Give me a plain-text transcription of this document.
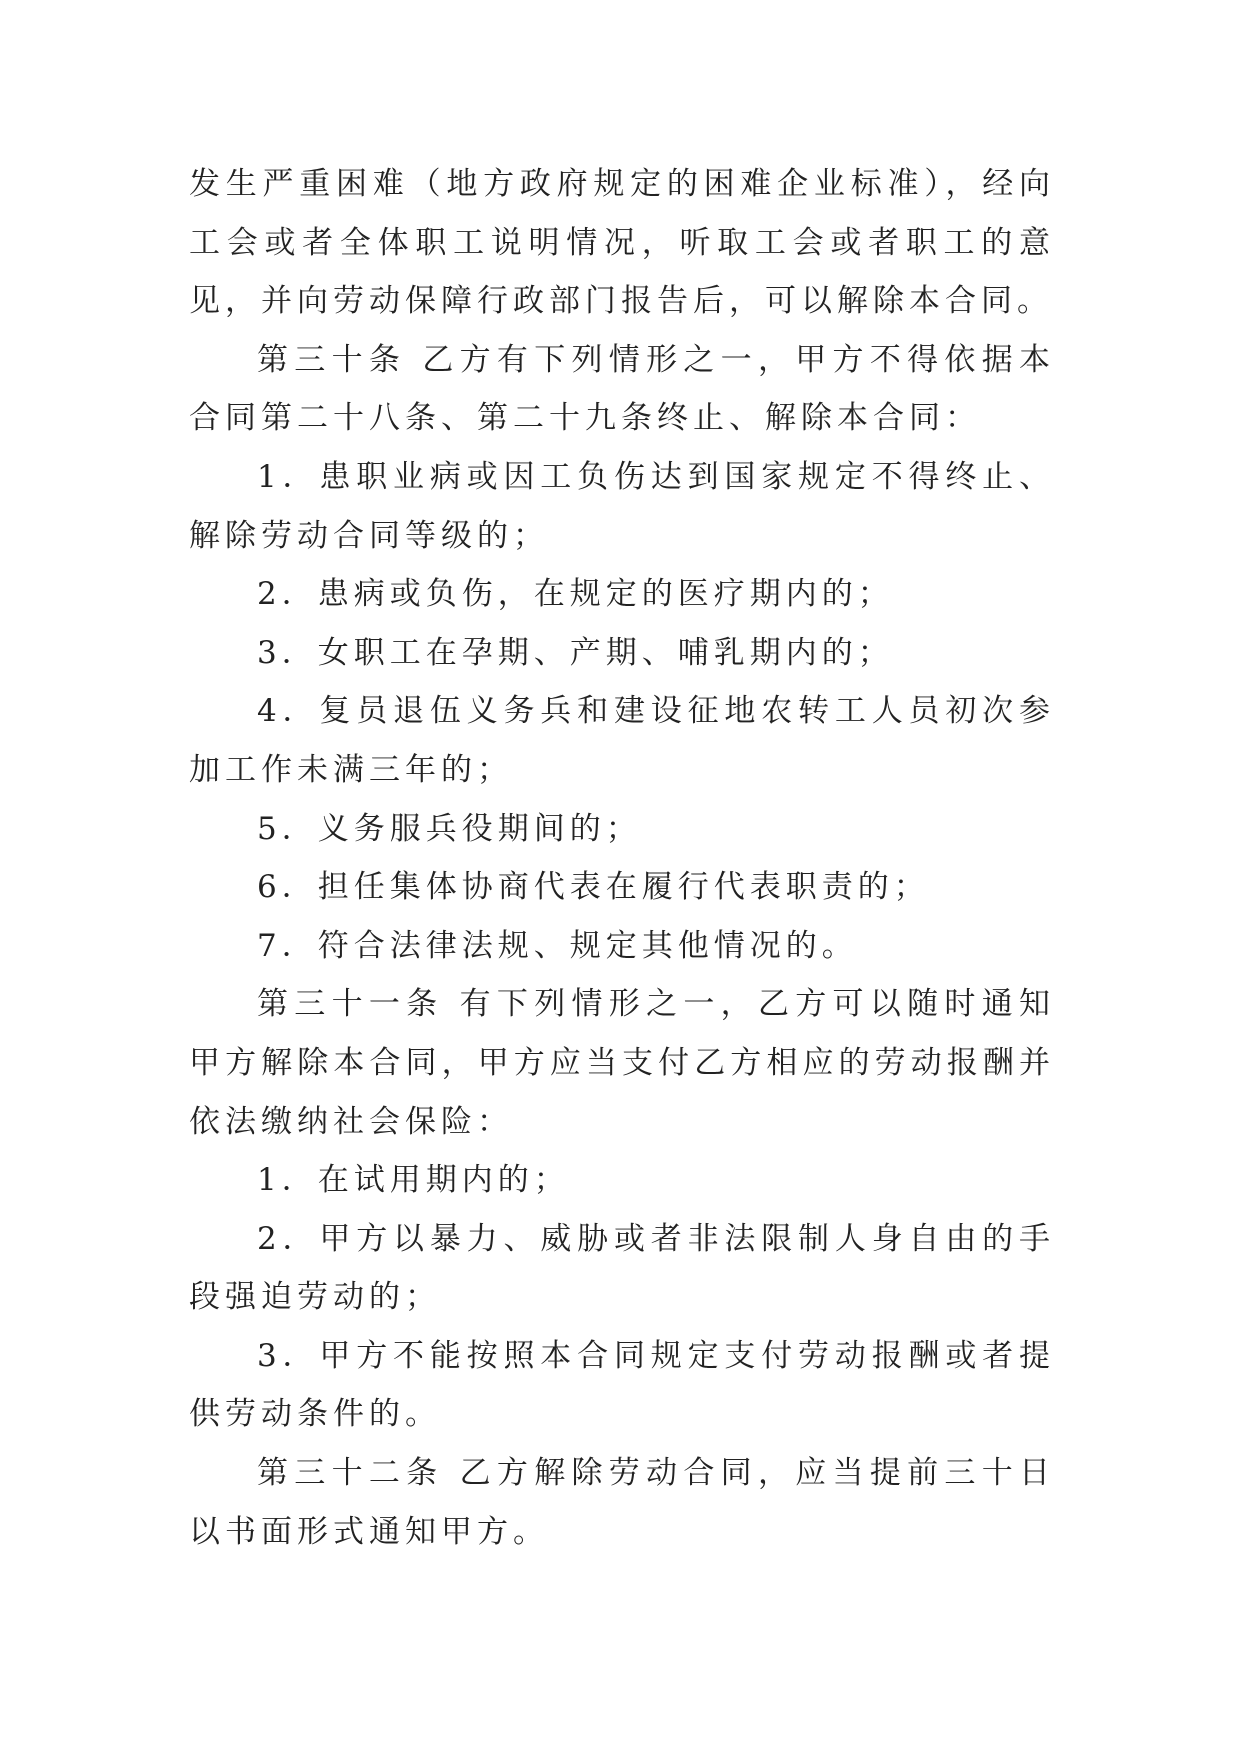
发生严重困难（地方政府规定的困难企业标准），经向工会或者全体职工说明情况，听取工会或者职工的意见，并向劳动保障行政部门报告后，可以解除本合同。

第三十条 乙方有下列情形之一，甲方不得依据本合同第二十八条、第二十九条终止、解除本合同：

1．患职业病或因工负伤达到国家规定不得终止、解除劳动合同等级的；

2．患病或负伤，在规定的医疗期内的；

3．女职工在孕期、产期、哺乳期内的；

4．复员退伍义务兵和建设征地农转工人员初次参加工作未满三年的；

5．义务服兵役期间的；

6．担任集体协商代表在履行代表职责的；

7．符合法律法规、规定其他情况的。

第三十一条 有下列情形之一，乙方可以随时通知甲方解除本合同，甲方应当支付乙方相应的劳动报酬并依法缴纳社会保险：

1．在试用期内的；

2．甲方以暴力、威胁或者非法限制人身自由的手段强迫劳动的；

3．甲方不能按照本合同规定支付劳动报酬或者提供劳动条件的。

第三十二条 乙方解除劳动合同，应当提前三十日以书面形式通知甲方。
